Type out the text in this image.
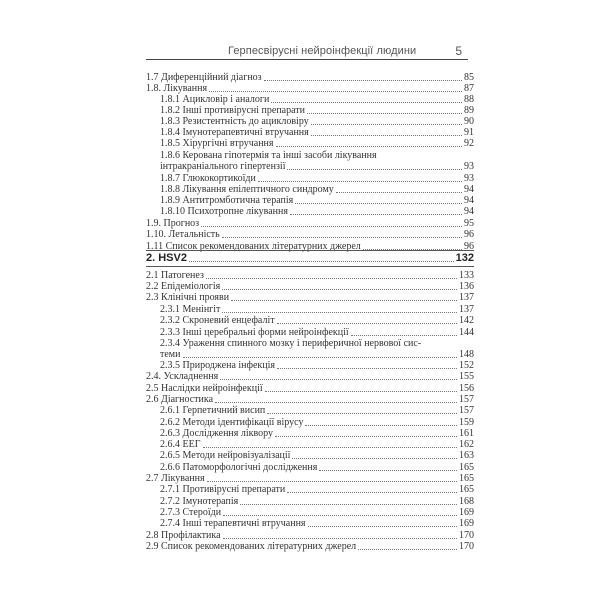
Герпесвірусні нейроінфекції людини	5
1.7 Диференційний діагноз	85
1.8. Лікування	87
1.8.1 Ацикловір і аналоги	88
1.8.2 Інші противірусні препарати	89
1.8.3 Резистентність до ацикловіру	90
1.8.4 Імунотерапевтичні втручання	91
1.8.5 Хірургічні втручання	92
1.8.6 Керована гіпотермія та інші засоби лікування
інтракраніального гіпертензії	93
1.8.7 Глюкокортикоїди	93
1.8.8 Лікування епілептичного синдрому	94
1.8.9 Антитромботична терапія	94
1.8.10 Психотропне лікування	94
1.9. Прогноз	95
1.10. Летальність	96
1.11 Список рекомендованих літературних джерел	96
2. HSV2	132
2.1 Патогенез	133
2.2 Епідеміологія	136
2.3 Клінічні прояви	137
2.3.1 Менінгіт	137
2.3.2 Скроневий енцефаліт	142
2.3.3 Інші церебральні форми нейроінфекції	144
2.3.4 Ураження спинного мозку і периферичної нервової сис-
теми	148
2.3.5 Природжена інфекція	152
2.4. Ускладнення	155
2.5 Наслідки нейроінфекції	156
2.6 Діагностика	157
2.6.1 Герпетичний висип	157
2.6.2 Методи ідентифікації вірусу	159
2.6.3 Дослідження ліквору	161
2.6.4 ЕЕГ	162
2.6.5 Методи нейровізуалізації	163
2.6.6 Патоморфологічні дослідження	165
2.7 Лікування	165
2.7.1 Противірусні препарати	165
2.7.2 Імунотерапія	168
2.7.3 Стероїди	169
2.7.4 Інші терапевтичні втручання	169
2.8 Профілактика	170
2.9 Список рекомендованих літературних джерел	170
